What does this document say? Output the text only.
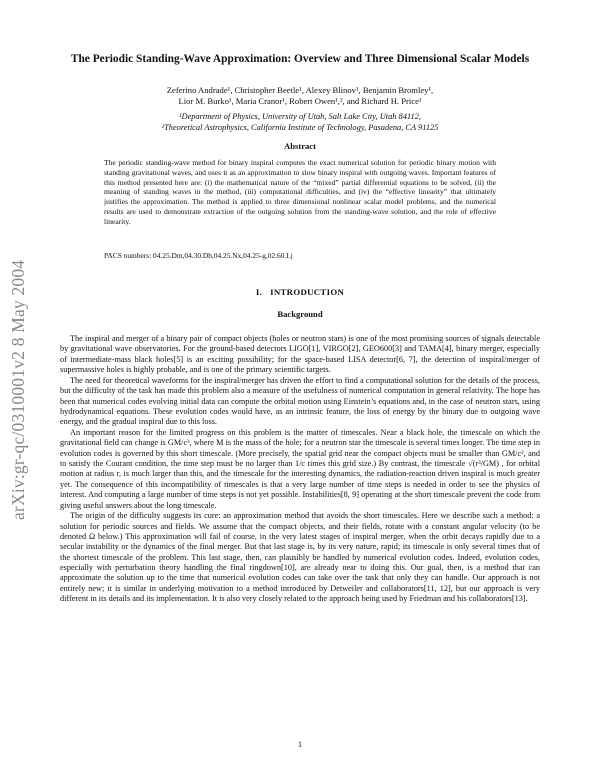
arXiv:gr-qc/0310001v2 8 May 2004
The Periodic Standing-Wave Approximation: Overview and Three Dimensional Scalar Models
Zeferino Andrade¹, Christopher Beetle¹, Alexey Blinov¹, Benjamin Bromley¹,
Lior M. Burko¹, Maria Cranor¹, Robert Owen¹,², and Richard H. Price¹
¹Department of Physics, University of Utah, Salt Lake City, Utah 84112,
²Theoretical Astrophysics, California Institute of Technology, Pasadena, CA 91125
Abstract
The periodic standing-wave method for binary inspiral computes the exact numerical solution for periodic binary motion with standing gravitational waves, and uses it as an approximation to slow binary inspiral with outgoing waves. Important features of this method presented here are: (i) the mathematical nature of the “mixed” partial differential equations to be solved, (ii) the meaning of standing waves in the method, (iii) computational difficulties, and (iv) the “effective linearity” that ultimately justifies the approximation. The method is applied to three dimensional nonlinear scalar model problems, and the numerical results are used to demonstrate extraction of the outgoing solution from the standing-wave solution, and the role of effective linearity.
PACS numbers: 04.25.Dm,04.30.Db,04.25.Nx,04.25-g,02.60.Lj
I. INTRODUCTION
Background

The inspiral and merger of a binary pair of compact objects (holes or neutron stars) is one of the most promising sources of signals detectable by gravitational wave observatories. For the ground-based detectors LIGO[1], VIRGO[2], GEO600[3] and TAMA[4], binary merger, especially of intermediate-mass black holes[5] is an exciting possibility; for the space-based LISA detector[6, 7], the detection of inspiral/merger of supermassive holes is highly probable, and is one of the primary scientific targets.

The need for theoretical waveforms for the inspiral/merger has driven the effort to find a computational solution for the details of the process, but the difficulty of the task has made this problem also a measure of the usefulness of numerical computation in general relativity. The hope has been that numerical codes evolving initial data can compute the orbital motion using Einstein’s equations and, in the case of neutron stars, using hydrodynamical equations. These evolution codes would have, as an intrinsic feature, the loss of energy by the binary due to outgoing wave energy, and the gradual inspiral due to this loss.

An important reason for the limited progress on this problem is the matter of timescales. Near a black hole, the timescale on which the gravitational field can change is GM/c³, where M is the mass of the hole; for a neutron star the timescale is several times longer. The time step in evolution codes is governed by this short timescale. (More precisely, the spatial grid near the compact objects must be smaller than GM/c², and to satisfy the Courant condition, the time step must be no larger than 1/c times this grid size.) By contrast, the timescale √(r³/GM) , for orbital motion at radius r, is much larger than this, and the timescale for the interesting dynamics, the radiation-reaction driven inspiral is much greater yet. The consequence of this incompatibility of timescales is that a very large number of time steps is needed in order to see the physics of interest. And computing a large number of time steps is not yet possible. Instabilities[8, 9] operating at the short timescale prevent the code from giving useful answers about the long timescale.

The origin of the difficulty suggests its cure: an approximation method that avoids the short timescales. Here we describe such a method: a solution for periodic sources and fields. We assume that the compact objects, and their fields, rotate with a constant angular velocity (to be denoted Ω below.) This approximation will fail of course, in the very latest stages of inspiral merger, when the orbit decays rapidly due to a secular instability or the dynamics of the final merger. But that last stage is, by its very nature, rapid; its timescale is only several times that of the shortest timescale of the problem. This last stage, then, can plausibly be handled by numerical evolution codes. Indeed, evolution codes, especially with perturbation theory handling the final ringdown[10], are already near to doing this. Our goal, then, is a method that can approximate the solution up to the time that numerical evolution codes can take over the task that only they can handle. Our approach is not entirely new; it is similar in underlying motivation to a method introduced by Detweiler and collaborators[11, 12], but our approach is very different in its details and its implementation. It is also very closely related to the approach being used by Friedman and his collaborators[13].

1
